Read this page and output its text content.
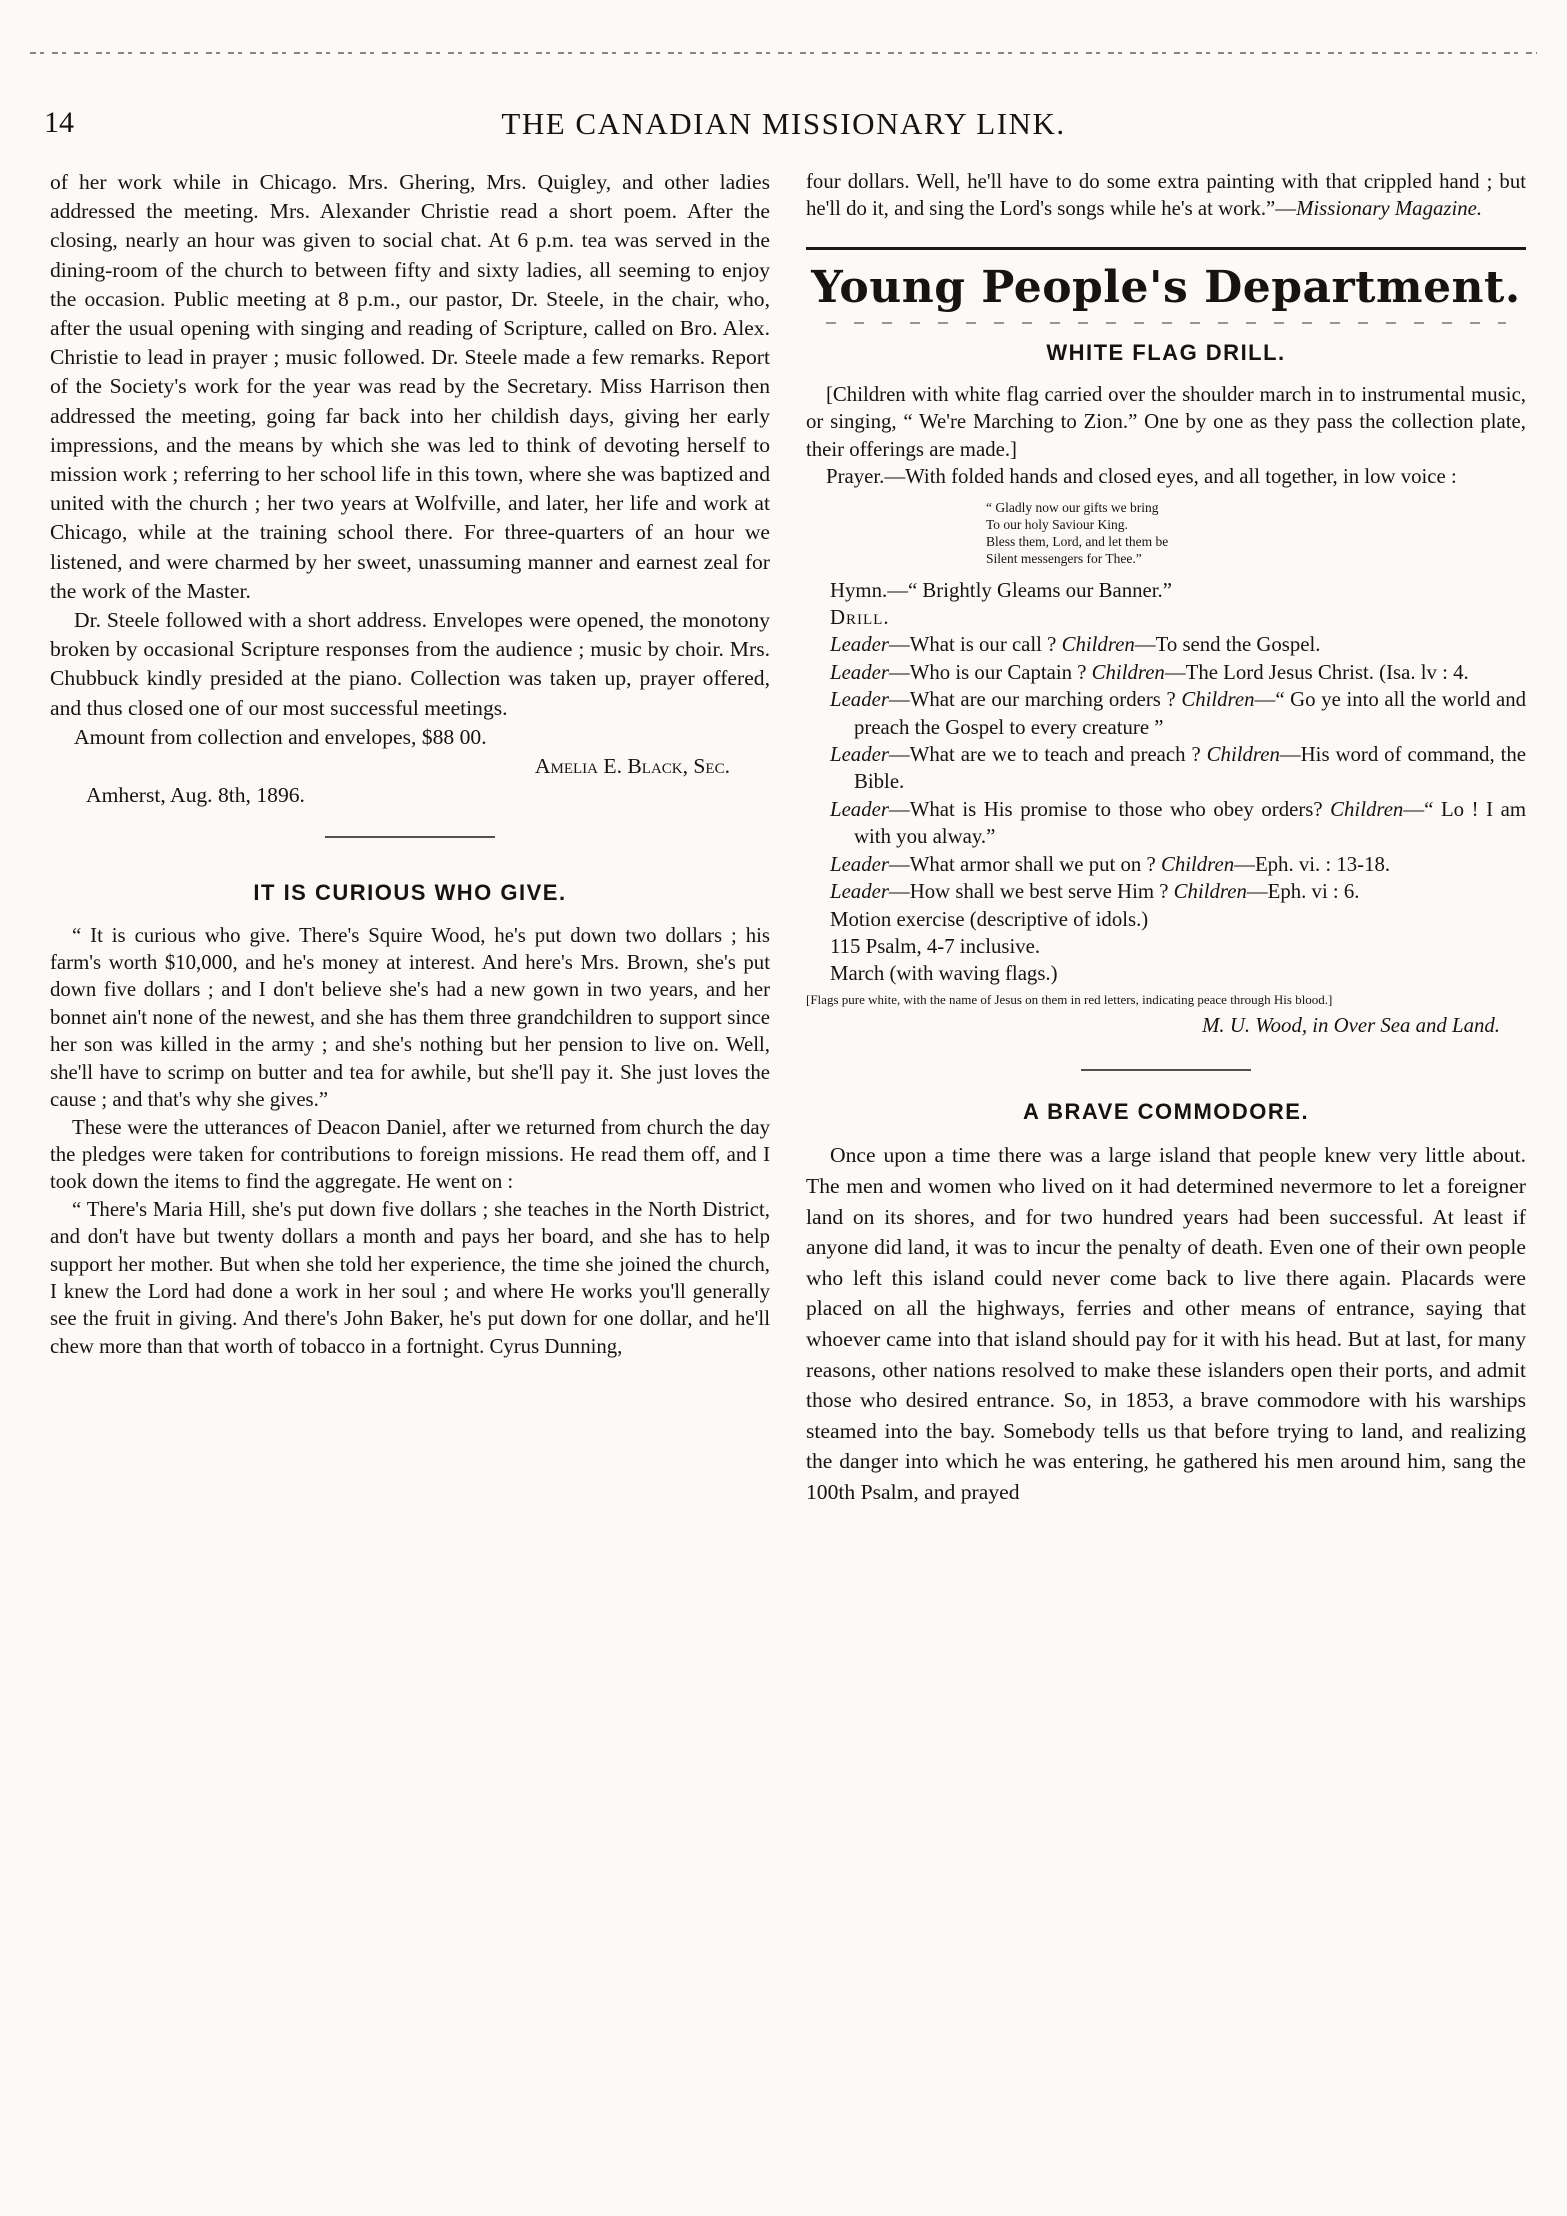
14	THE CANADIAN MISSIONARY LINK.

of her work while in Chicago. Mrs. Ghering, Mrs. Quigley, and other ladies addressed the meeting. Mrs. Alexander Christie read a short poem. After the closing, nearly an hour was given to social chat. At 6 p.m. tea was served in the dining-room of the church to between fifty and sixty ladies, all seeming to enjoy the occasion. Public meeting at 8 p.m., our pastor, Dr. Steele, in the chair, who, after the usual opening with singing and reading of Scripture, called on Bro. Alex. Christie to lead in prayer ; music followed. Dr. Steele made a few remarks. Report of the Society's work for the year was read by the Secretary. Miss Harrison then addressed the meeting, going far back into her childish days, giving her early impressions, and the means by which she was led to think of devoting herself to mission work ; referring to her school life in this town, where she was baptized and united with the church ; her two years at Wolfville, and later, her life and work at Chicago, while at the training school there. For three-quarters of an hour we listened, and were charmed by her sweet, unassuming manner and earnest zeal for the work of the Master.

Dr. Steele followed with a short address. Envelopes were opened, the monotony broken by occasional Scripture responses from the audience ; music by choir. Mrs. Chubbuck kindly presided at the piano. Collection was taken up, prayer offered, and thus closed one of our most successful meetings.

Amount from collection and envelopes, $88 00.

Amelia E. Black, Sec.

Amherst, Aug. 8th, 1896.

IT IS CURIOUS WHO GIVE.

“ It is curious who give. There's Squire Wood, he's put down two dollars ; his farm's worth $10,000, and he's money at interest. And here's Mrs. Brown, she's put down five dollars ; and I don't believe she's had a new gown in two years, and her bonnet ain't none of the newest, and she has them three grandchildren to support since her son was killed in the army ; and she's nothing but her pension to live on. Well, she'll have to scrimp on butter and tea for awhile, but she'll pay it. She just loves the cause ; and that's why she gives.”

These were the utterances of Deacon Daniel, after we returned from church the day the pledges were taken for contributions to foreign missions. He read them off, and I took down the items to find the aggregate. He went on :

“ There's Maria Hill, she's put down five dollars ; she teaches in the North District, and don't have but twenty dollars a month and pays her board, and she has to help support her mother. But when she told her experience, the time she joined the church, I knew the Lord had done a work in her soul ; and where He works you'll generally see the fruit in giving. And there's John Baker, he's put down for one dollar, and he'll chew more than that worth of tobacco in a fortnight. Cyrus Dunning,

four dollars. Well, he'll have to do some extra painting with that crippled hand ; but he'll do it, and sing the Lord's songs while he's at work.”—Missionary Magazine.

Young People's Department.
WHITE FLAG DRILL.

[Children with white flag carried over the shoulder march in to instrumental music, or singing, “ We're Marching to Zion.” One by one as they pass the collection plate, their offerings are made.]

Prayer.—With folded hands and closed eyes, and all together, in low voice :

“ Gladly now our gifts we bring
To our holy Saviour King.
Bless them, Lord, and let them be
Silent messengers for Thee.”

Hymn.—“ Brightly Gleams our Banner.”

Drill.

Leader—What is our call ? Children—To send the Gospel.

Leader—Who is our Captain ? Children—The Lord Jesus Christ. (Isa. lv : 4.

Leader—What are our marching orders ? Children—“ Go ye into all the world and preach the Gospel to every creature ”

Leader—What are we to teach and preach ? Children—His word of command, the Bible.

Leader—What is His promise to those who obey orders? Children—“ Lo ! I am with you alway.”

Leader—What armor shall we put on ? Children—Eph. vi. : 13-18.

Leader—How shall we best serve Him ? Children—Eph. vi : 6.

Motion exercise (descriptive of idols.)

115 Psalm, 4-7 inclusive.

March (with waving flags.)

[Flags pure white, with the name of Jesus on them in red letters, indicating peace through His blood.]

M. U. Wood, in Over Sea and Land.

A BRAVE COMMODORE.

Once upon a time there was a large island that people knew very little about. The men and women who lived on it had determined nevermore to let a foreigner land on its shores, and for two hundred years had been successful. At least if anyone did land, it was to incur the penalty of death. Even one of their own people who left this island could never come back to live there again. Placards were placed on all the highways, ferries and other means of entrance, saying that whoever came into that island should pay for it with his head. But at last, for many reasons, other nations resolved to make these islanders open their ports, and admit those who desired entrance. So, in 1853, a brave commodore with his warships steamed into the bay. Somebody tells us that before trying to land, and realizing the danger into which he was entering, he gathered his men around him, sang the 100th Psalm, and prayed
